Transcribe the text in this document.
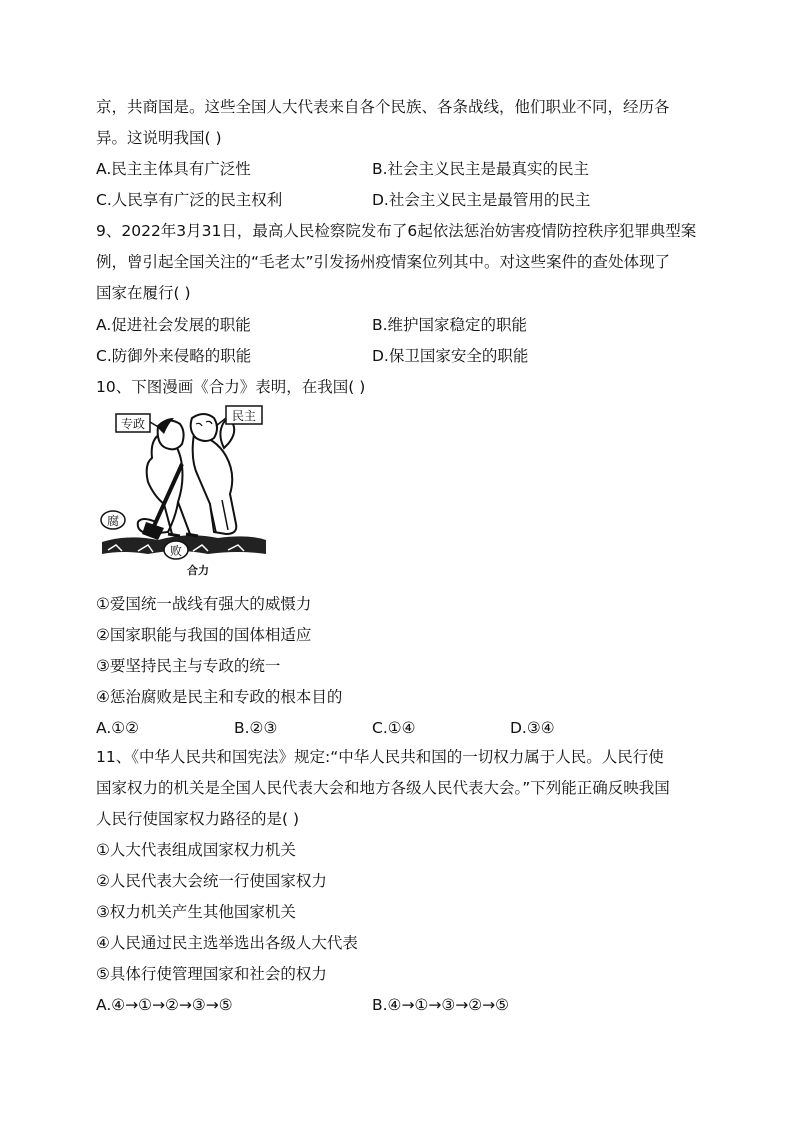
京，共商国是。这些全国人大代表来自各个民族、各条战线，他们职业不同，经历各
异。这说明我国( )
A.民主主体具有广泛性	B.社会主义民主是最真实的民主
C.人民享有广泛的民主权利	D.社会主义民主是最管用的民主
9、2022年3月31日，最高人民检察院发布了6起依法惩治妨害疫情防控秩序犯罪典型案
例，曾引起全国关注的“毛老太”引发扬州疫情案位列其中。对这些案件的查处体现了
国家在履行( )
A.促进社会发展的职能	B.维护国家稳定的职能
C.防御外来侵略的职能	D.保卫国家安全的职能
10、下图漫画《合力》表明，在我国( )
专政
民主
腐
败
合力
①爱国统一战线有强大的威慑力
②国家职能与我国的国体相适应
③要坚持民主与专政的统一
④惩治腐败是民主和专政的根本目的
A.①②	B.②③	C.①④	D.③④
11、《中华人民共和国宪法》规定:“中华人民共和国的一切权力属于人民。人民行使
国家权力的机关是全国人民代表大会和地方各级人民代表大会。”下列能正确反映我国
人民行使国家权力路径的是( )
①人大代表组成国家权力机关
②人民代表大会统一行使国家权力
③权力机关产生其他国家机关
④人民通过民主选举选出各级人大代表
⑤具体行使管理国家和社会的权力
A.④→①→②→③→⑤	B.④→①→③→②→⑤
